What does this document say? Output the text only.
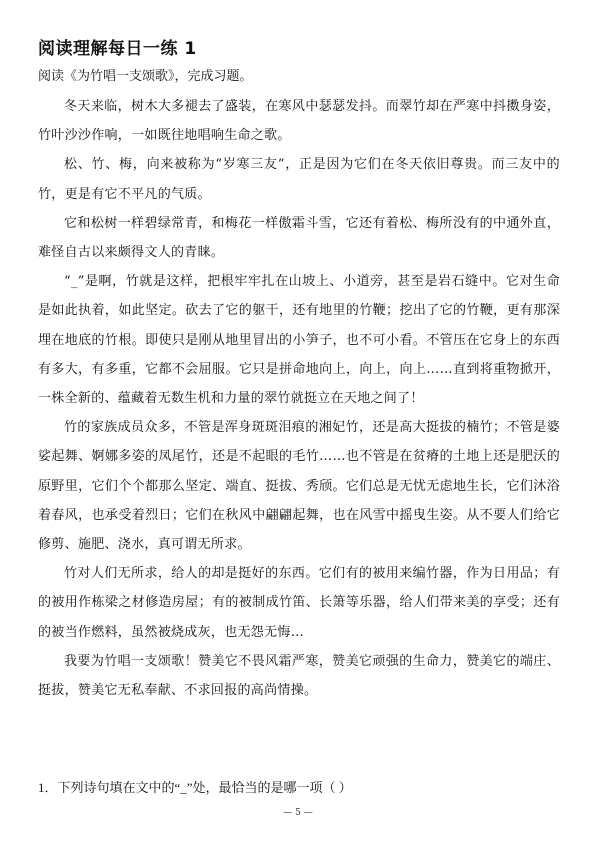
阅读理解每日一练 1
阅读《为竹唱一支颂歌》，完成习题。

冬天来临，树木大多褪去了盛装，在寒风中瑟瑟发抖。而翠竹却在严寒中抖擞身姿，竹叶沙沙作响，一如既往地唱响生命之歌。

松、竹、梅，向来被称为“岁寒三友”，正是因为它们在冬天依旧尊贵。而三友中的竹，更是有它不平凡的气质。

它和松树一样碧绿常青，和梅花一样傲霜斗雪，它还有着松、梅所没有的中通外直，难怪自古以来颇得文人的青睐。

“_”是啊，竹就是这样，把根牢牢扎在山坡上、小道旁，甚至是岩石缝中。它对生命是如此执着，如此坚定。砍去了它的躯干，还有地里的竹鞭；挖出了它的竹鞭，更有那深埋在地底的竹根。即使只是刚从地里冒出的小笋子，也不可小看。不管压在它身上的东西有多大，有多重，它都不会屈服。它只是拼命地向上，向上，向上……直到将重物掀开，一株全新的、蕴藏着无数生机和力量的翠竹就挺立在天地之间了！

竹的家族成员众多，不管是浑身斑斑泪痕的湘妃竹，还是高大挺拔的楠竹；不管是婆娑起舞、婀娜多姿的凤尾竹，还是不起眼的毛竹……也不管是在贫瘠的土地上还是肥沃的原野里，它们个个都那么坚定、端直、挺拔、秀颀。它们总是无忧无虑地生长，它们沐浴着春风，也承受着烈日；它们在秋风中翩翩起舞，也在风雪中摇曳生姿。从不要人们给它修剪、施肥、浇水，真可谓无所求。

竹对人们无所求，给人的却是挺好的东西。它们有的被用来编竹器，作为日用品；有的被用作栋梁之材修造房屋；有的被制成竹笛、长箫等乐器，给人们带来美的享受；还有的被当作燃料，虽然被烧成灰，也无怨无悔…

我要为竹唱一支颂歌！赞美它不畏风霜严寒，赞美它顽强的生命力，赞美它的端庄、挺拔，赞美它无私奉献、不求回报的高尚情操。

1．下列诗句填在文中的“_”处，最恰当的是哪一项（ ）
— 5 —
